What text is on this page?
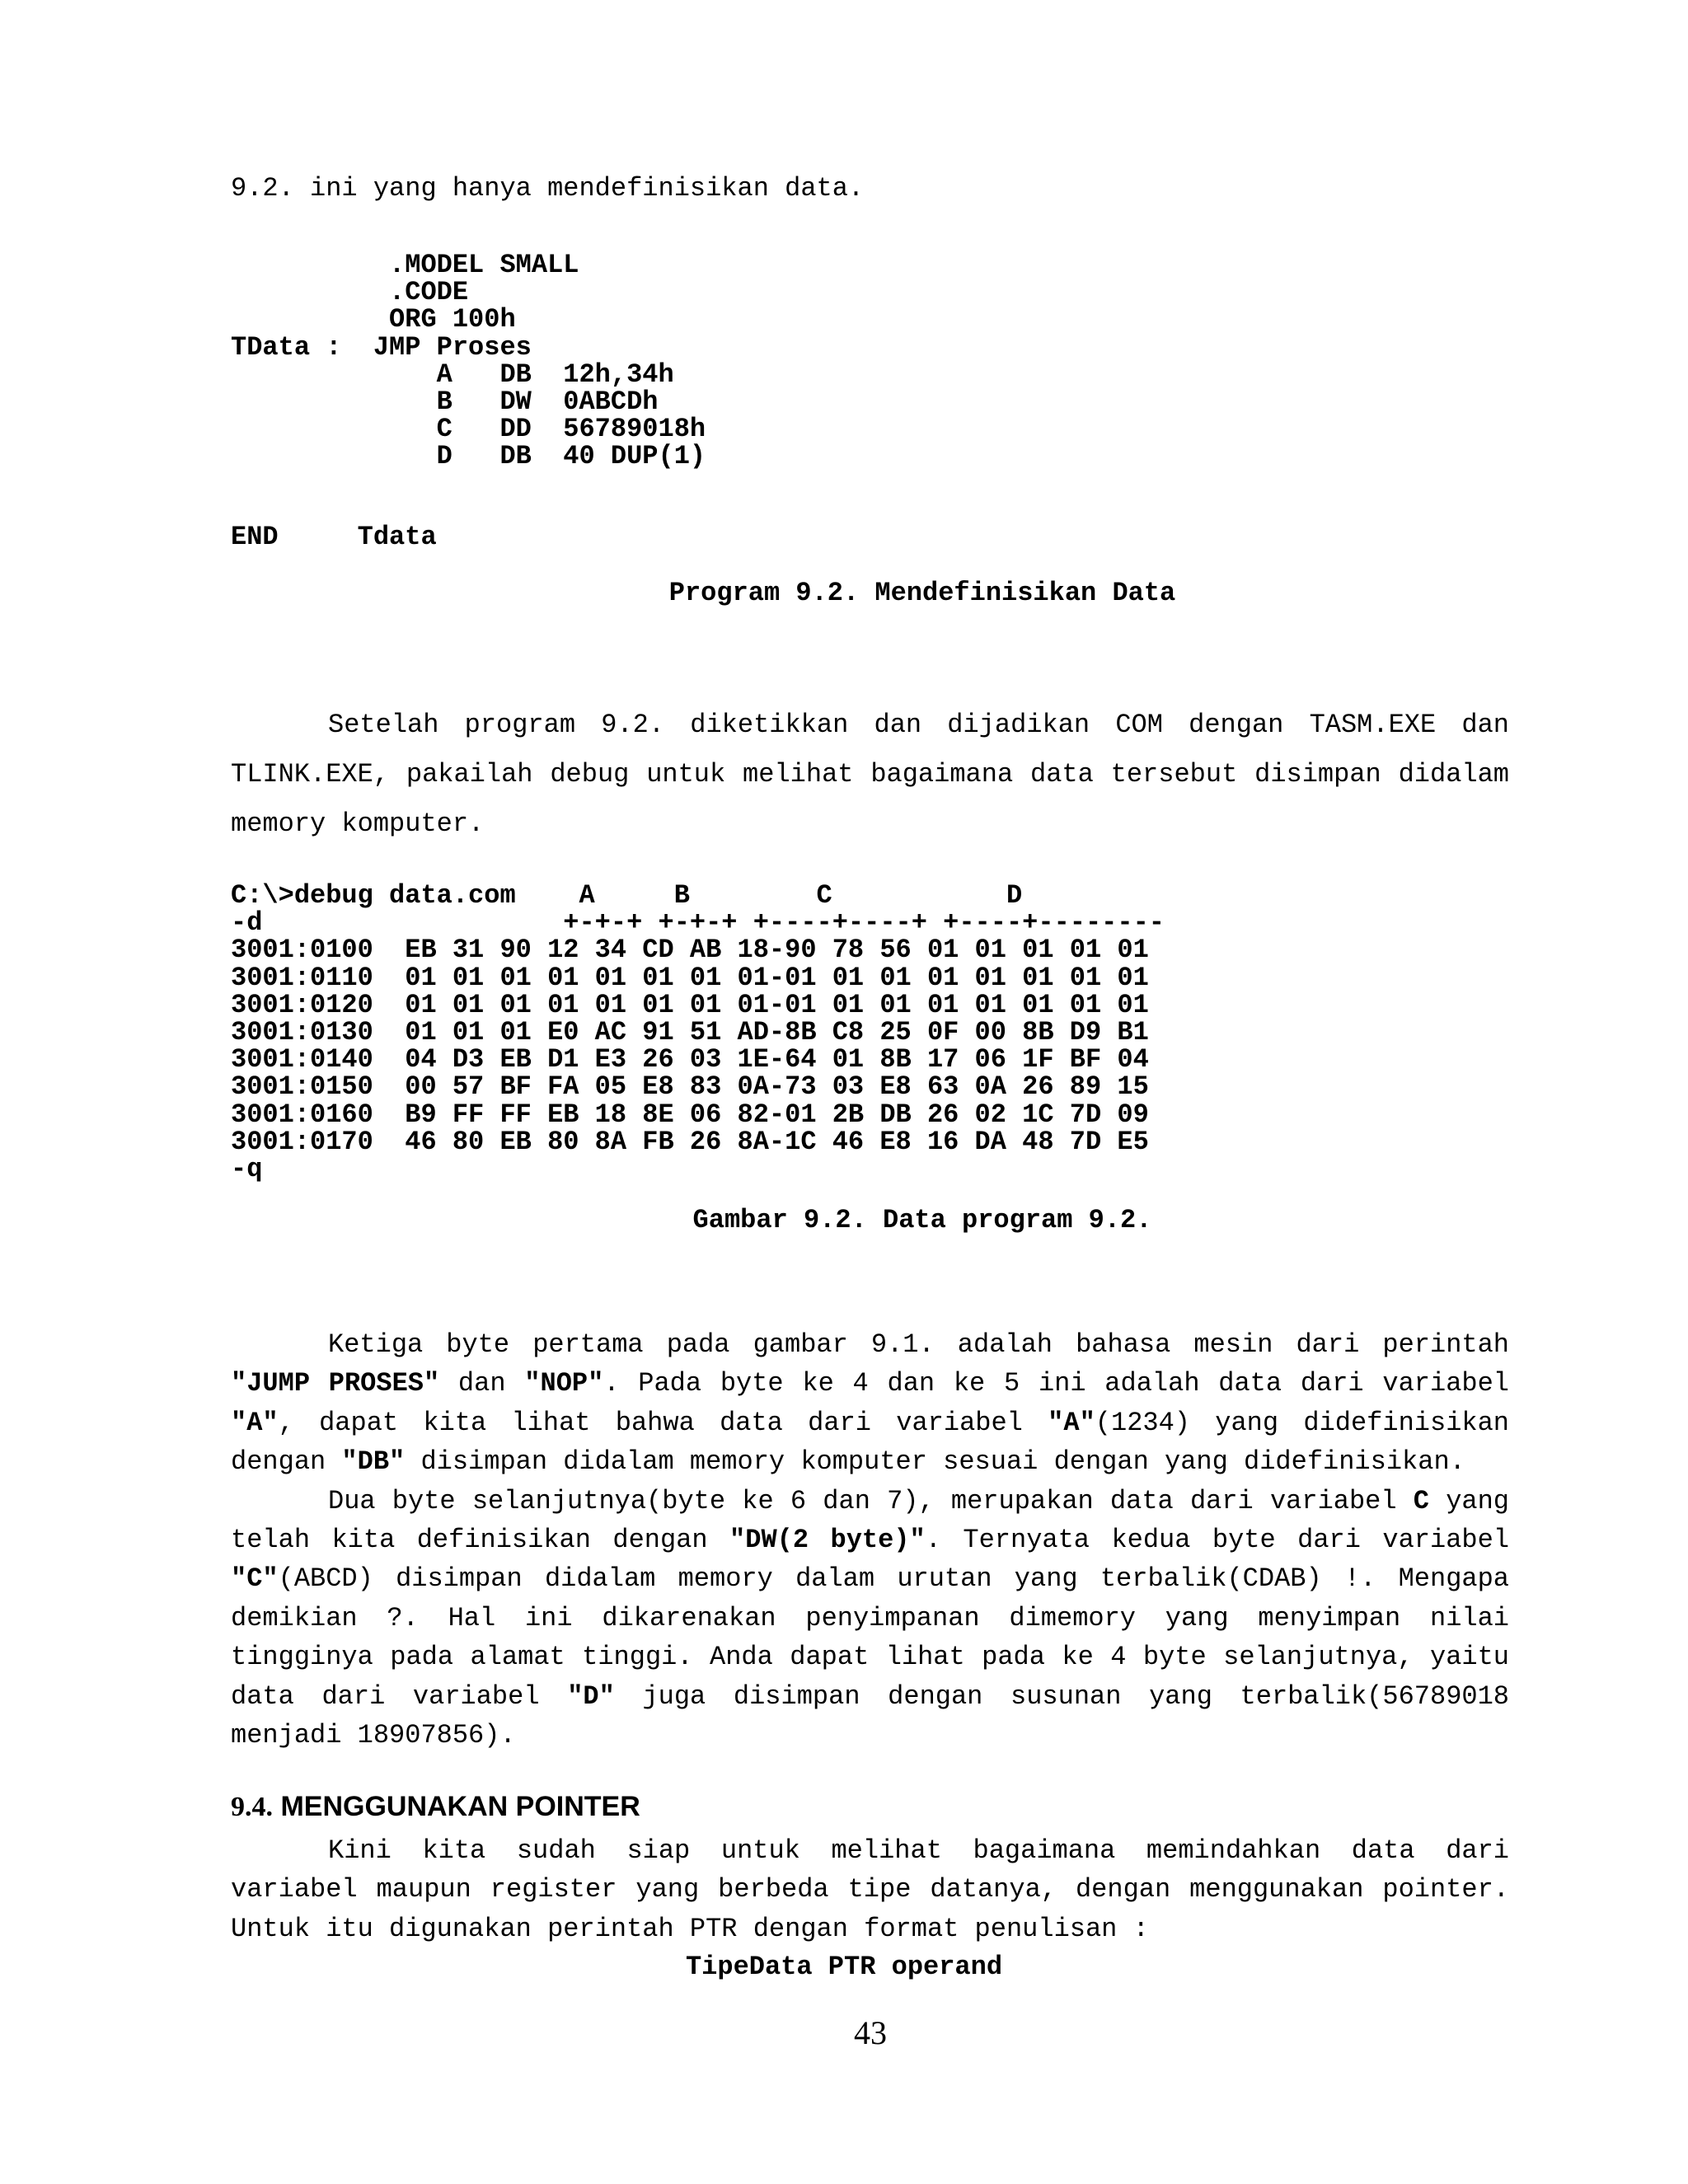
9.2. ini yang hanya mendefinisikan data.
.MODEL SMALL
.CODE
ORG 100h
TData :  JMP Proses
A   DB  12h,34h
B   DW  0ABCDh
C   DD  56789018h
D   DB  40 DUP(1)
END     Tdata
Program 9.2. Mendefinisikan Data

Setelah program 9.2. diketikkan dan dijadikan COM dengan TASM.EXE dan TLINK.EXE, pakailah debug untuk melihat bagaimana data tersebut disimpan didalam memory komputer.

C:\>debug data.com    A     B        C           D
-d                   +-+-+ +-+-+ +----+----+ +----+--------
3001:0100  EB 31 90 12 34 CD AB 18-90 78 56 01 01 01 01 01
3001:0110  01 01 01 01 01 01 01 01-01 01 01 01 01 01 01 01
3001:0120  01 01 01 01 01 01 01 01-01 01 01 01 01 01 01 01
3001:0130  01 01 01 E0 AC 91 51 AD-8B C8 25 0F 00 8B D9 B1
3001:0140  04 D3 EB D1 E3 26 03 1E-64 01 8B 17 06 1F BF 04
3001:0150  00 57 BF FA 05 E8 83 0A-73 03 E8 63 0A 26 89 15
3001:0160  B9 FF FF EB 18 8E 06 82-01 2B DB 26 02 1C 7D 09
3001:0170  46 80 EB 80 8A FB 26 8A-1C 46 E8 16 DA 48 7D E5
-q
Gambar 9.2. Data program 9.2.

Ketiga byte pertama pada gambar 9.1. adalah bahasa mesin dari perintah "JUMP PROSES" dan "NOP". Pada byte ke 4 dan ke 5 ini adalah data dari variabel "A", dapat kita lihat bahwa data dari variabel "A"(1234) yang didefinisikan dengan "DB" disimpan didalam memory komputer sesuai dengan yang didefinisikan.

Dua byte selanjutnya(byte ke 6 dan 7), merupakan data dari variabel C yang telah kita definisikan dengan "DW(2 byte)". Ternyata kedua byte dari variabel "C"(ABCD) disimpan didalam memory dalam urutan yang terbalik(CDAB) !. Mengapa demikian ?. Hal ini dikarenakan penyimpanan dimemory yang menyimpan nilai tingginya pada alamat tinggi. Anda dapat lihat pada ke 4 byte selanjutnya, yaitu data dari variabel "D" juga disimpan dengan susunan yang terbalik(56789018 menjadi 18907856).

9.4. MENGGUNAKAN POINTER

Kini kita sudah siap untuk melihat bagaimana memindahkan data dari variabel maupun register yang berbeda tipe datanya, dengan menggunakan pointer. Untuk itu digunakan perintah PTR dengan format penulisan :

TipeData PTR operand
43
